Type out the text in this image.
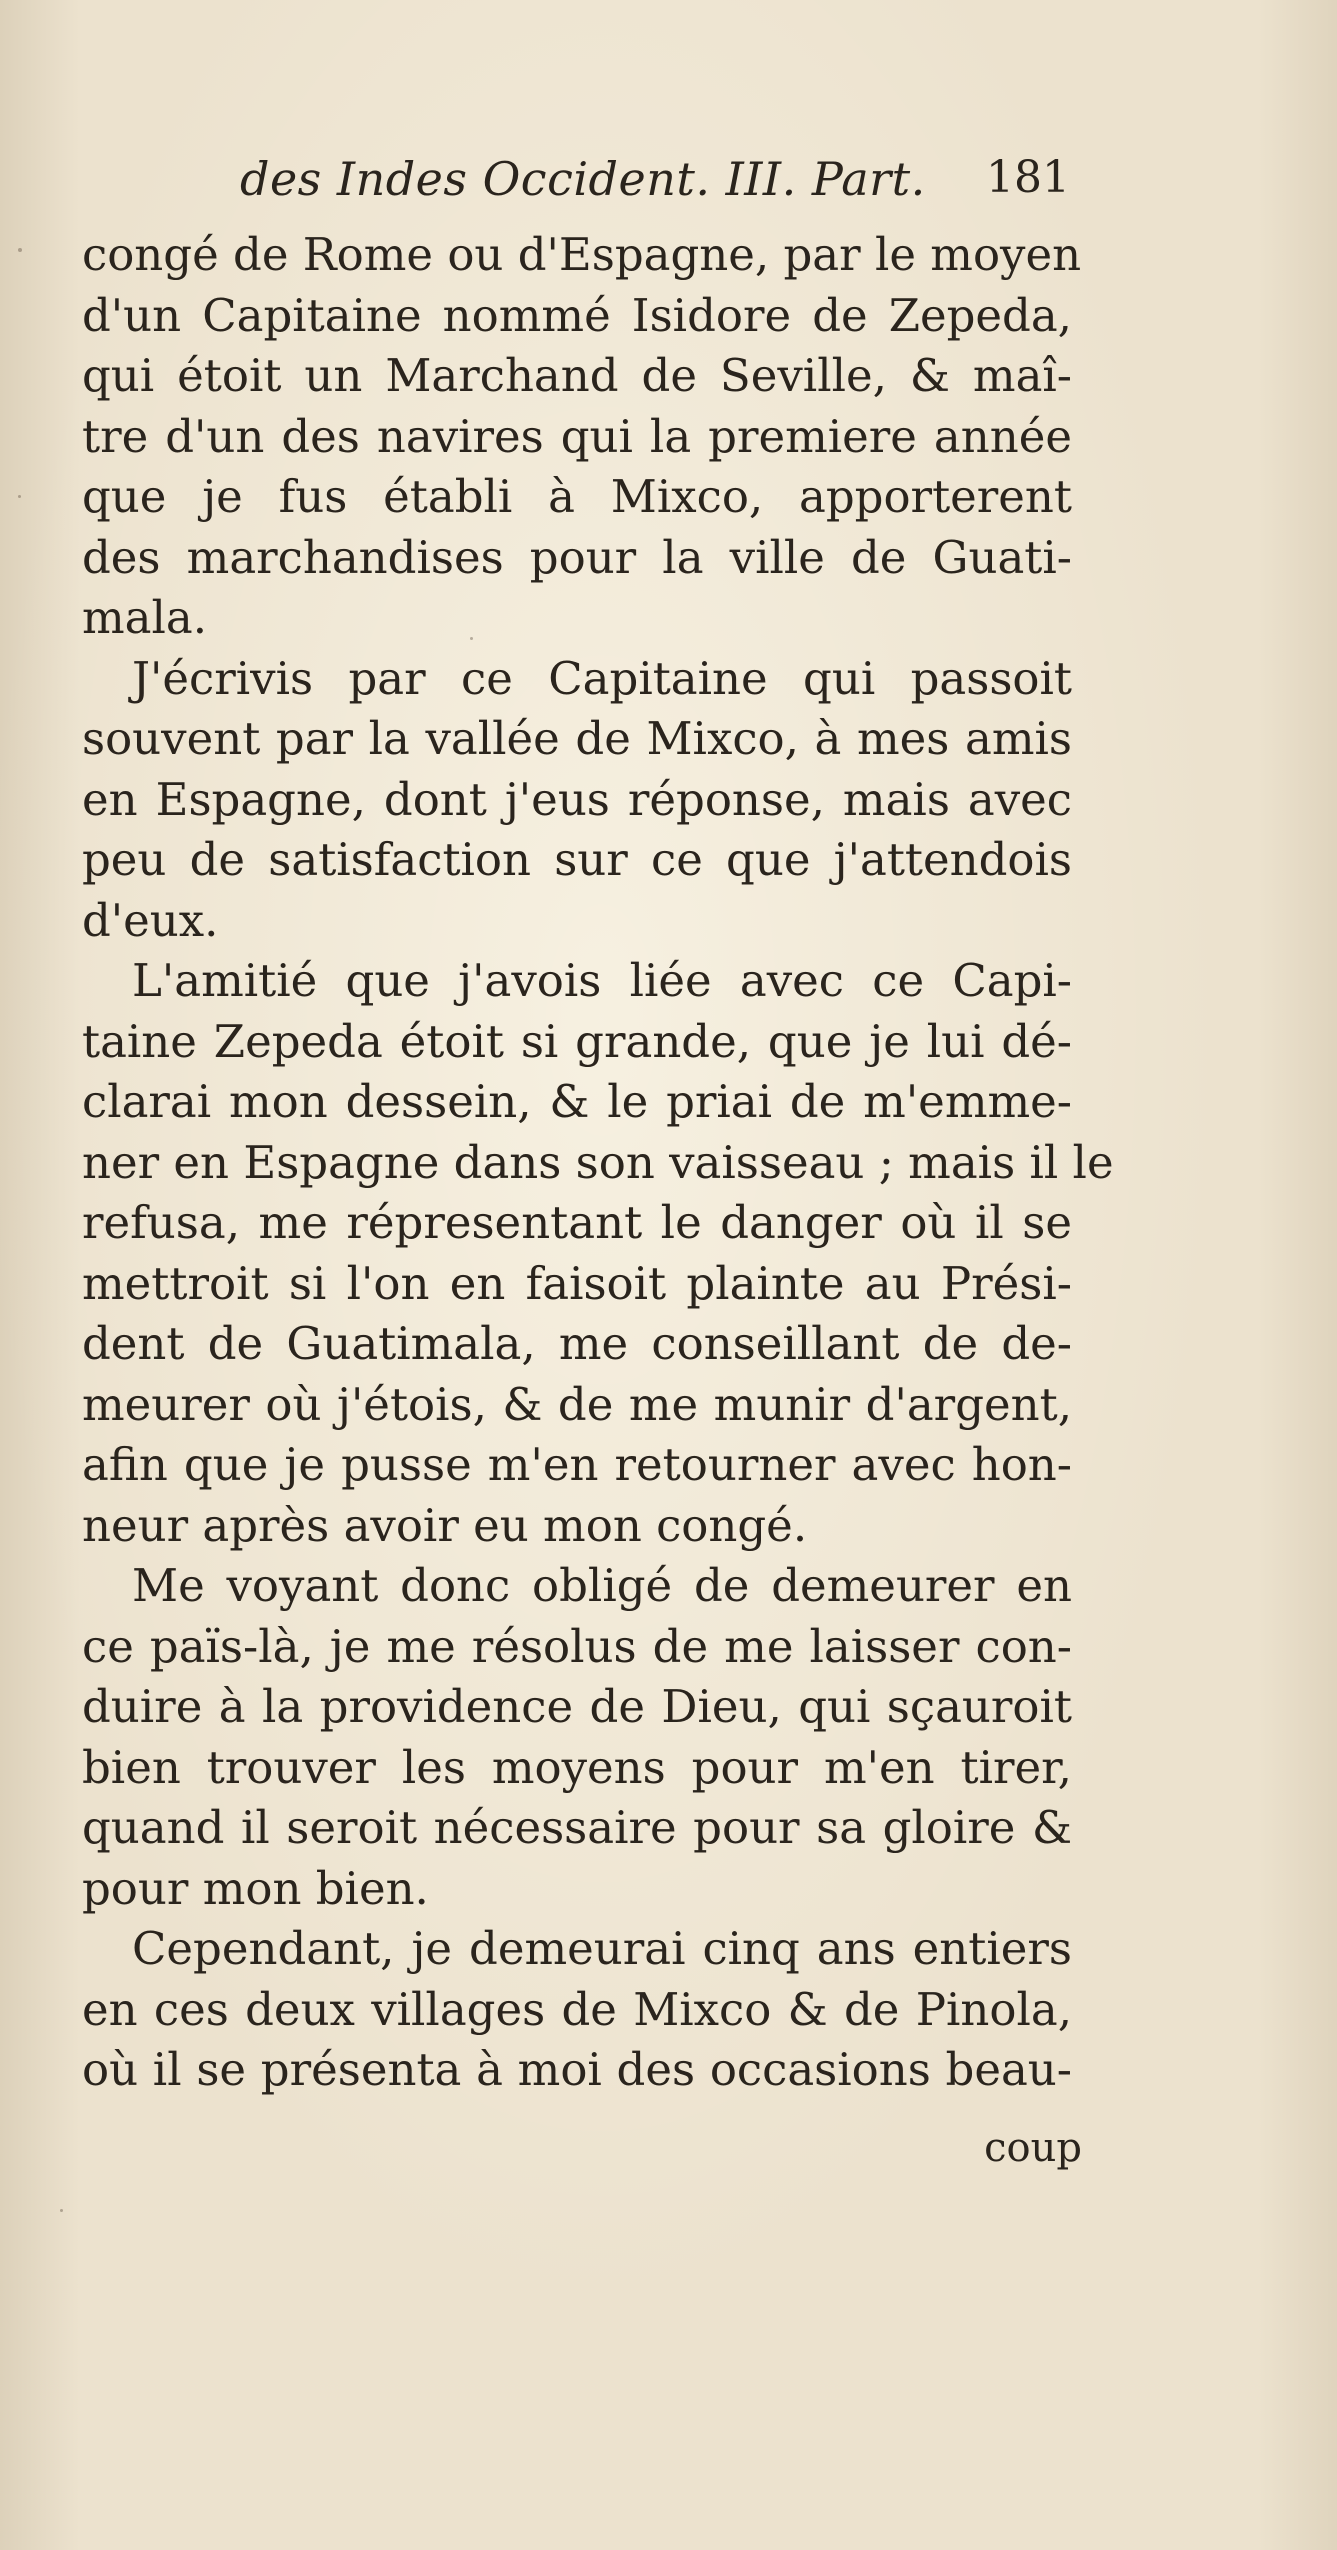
des Indes Occident. III. Part. 181
congé de Rome ou d'Espagne, par le moyen
d'un Capitaine nommé Isidore de Zepeda,
qui étoit un Marchand de Seville, & maî-
tre d'un des navires qui la premiere année
que je fus établi à Mixco, apporterent
des marchandises pour la ville de Guati-
mala.
J'écrivis par ce Capitaine qui passoit
souvent par la vallée de Mixco, à mes amis
en Espagne, dont j'eus réponse, mais avec
peu de satisfaction sur ce que j'attendois
d'eux.
L'amitié que j'avois liée avec ce Capi-
taine Zepeda étoit si grande, que je lui dé-
clarai mon dessein, & le priai de m'emme-
ner en Espagne dans son vaisseau ; mais il le
refusa, me répresentant le danger où il se
mettroit si l'on en faisoit plainte au Prési-
dent de Guatimala, me conseillant de de-
meurer où j'étois, & de me munir d'argent,
afin que je pusse m'en retourner avec hon-
neur après avoir eu mon congé.
Me voyant donc obligé de demeurer en
ce païs-là, je me résolus de me laisser con-
duire à la providence de Dieu, qui sçauroit
bien trouver les moyens pour m'en tirer,
quand il seroit nécessaire pour sa gloire &
pour mon bien.
Cependant, je demeurai cinq ans entiers
en ces deux villages de Mixco & de Pinola,
où il se présenta à moi des occasions beau-
coup
